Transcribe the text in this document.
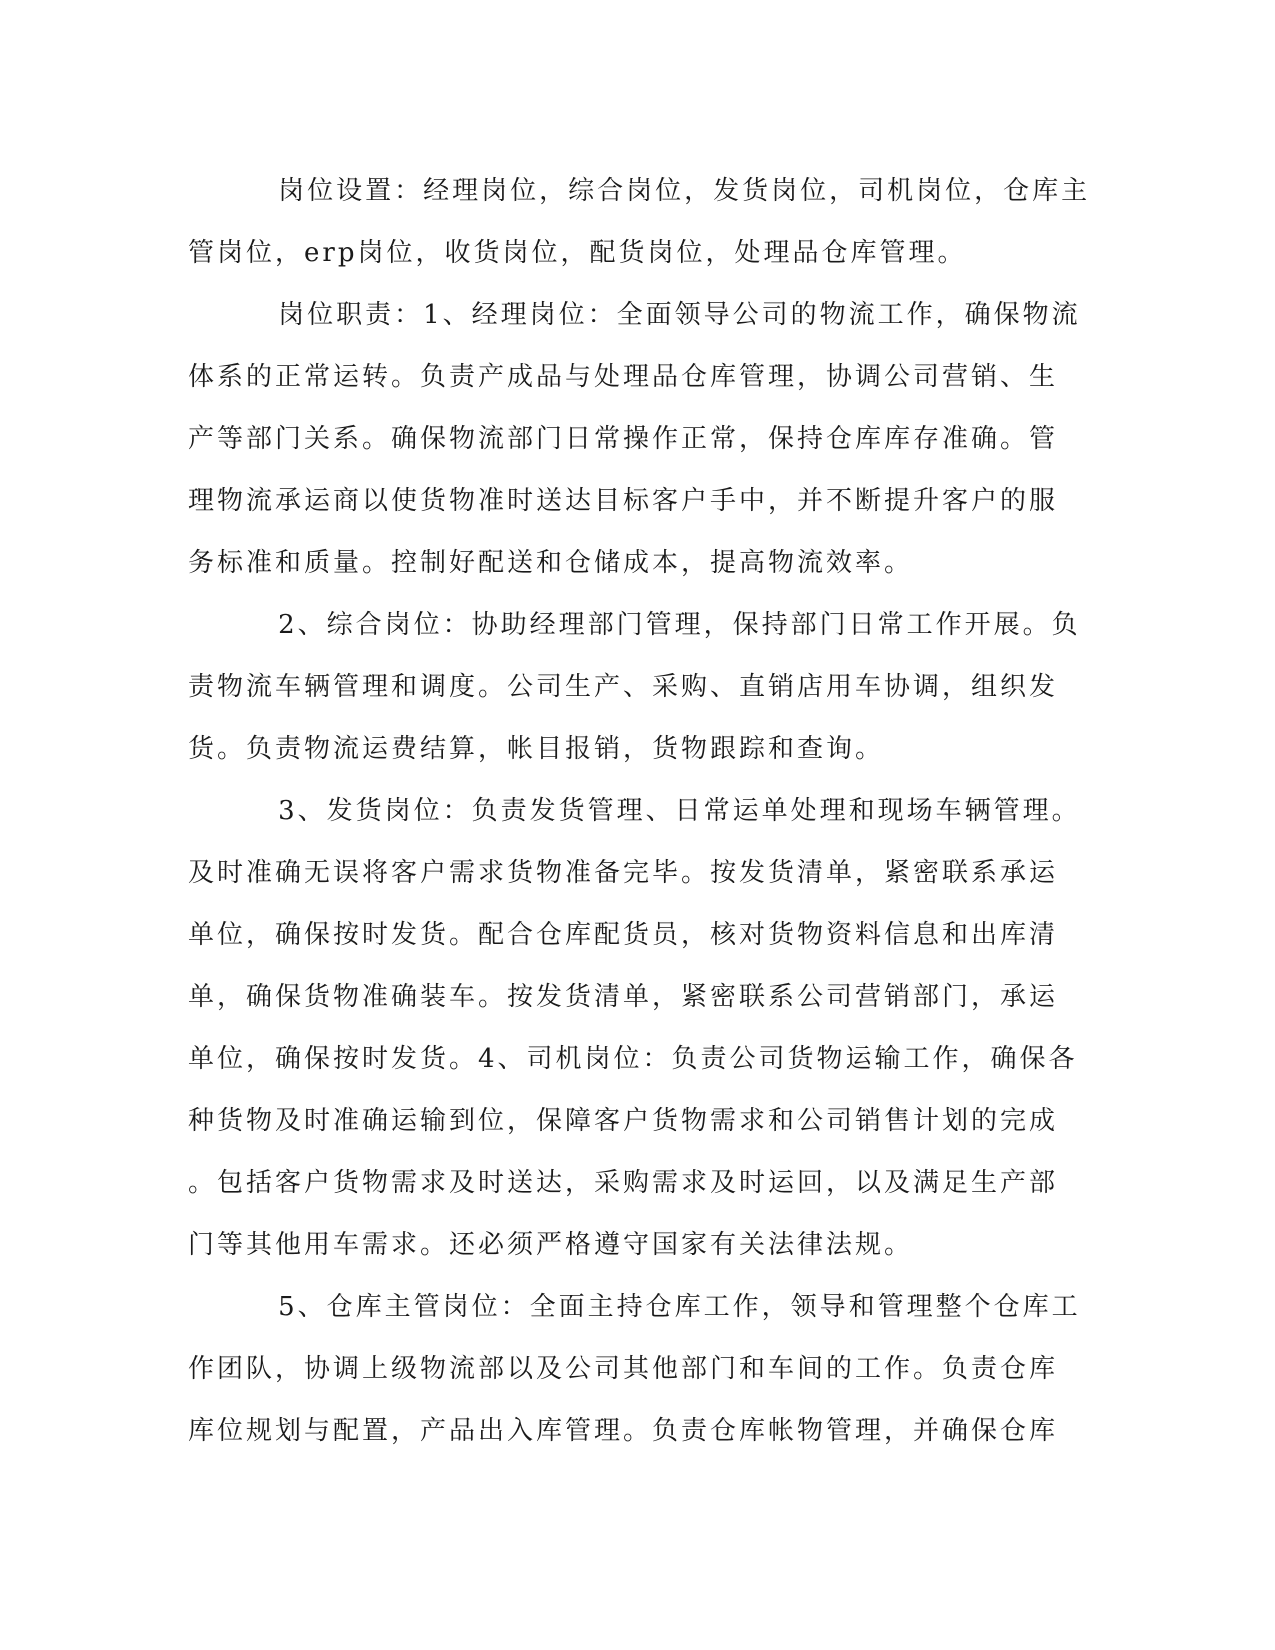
岗位设置：经理岗位，综合岗位，发货岗位，司机岗位，仓库主
管岗位，erp岗位，收货岗位，配货岗位，处理品仓库管理。
岗位职责：1、经理岗位：全面领导公司的物流工作，确保物流
体系的正常运转。负责产成品与处理品仓库管理，协调公司营销、生
产等部门关系。确保物流部门日常操作正常，保持仓库库存准确。管
理物流承运商以使货物准时送达目标客户手中，并不断提升客户的服
务标准和质量。控制好配送和仓储成本，提高物流效率。
2、综合岗位：协助经理部门管理，保持部门日常工作开展。负
责物流车辆管理和调度。公司生产、采购、直销店用车协调，组织发
货。负责物流运费结算，帐目报销，货物跟踪和查询。
3、发货岗位：负责发货管理、日常运单处理和现场车辆管理。
及时准确无误将客户需求货物准备完毕。按发货清单，紧密联系承运
单位，确保按时发货。配合仓库配货员，核对货物资料信息和出库清
单，确保货物准确装车。按发货清单，紧密联系公司营销部门，承运
单位，确保按时发货。4、司机岗位：负责公司货物运输工作，确保各
种货物及时准确运输到位，保障客户货物需求和公司销售计划的完成
。包括客户货物需求及时送达，采购需求及时运回，以及满足生产部
门等其他用车需求。还必须严格遵守国家有关法律法规。
5、仓库主管岗位：全面主持仓库工作，领导和管理整个仓库工
作团队，协调上级物流部以及公司其他部门和车间的工作。负责仓库
库位规划与配置，产品出入库管理。负责仓库帐物管理，并确保仓库
